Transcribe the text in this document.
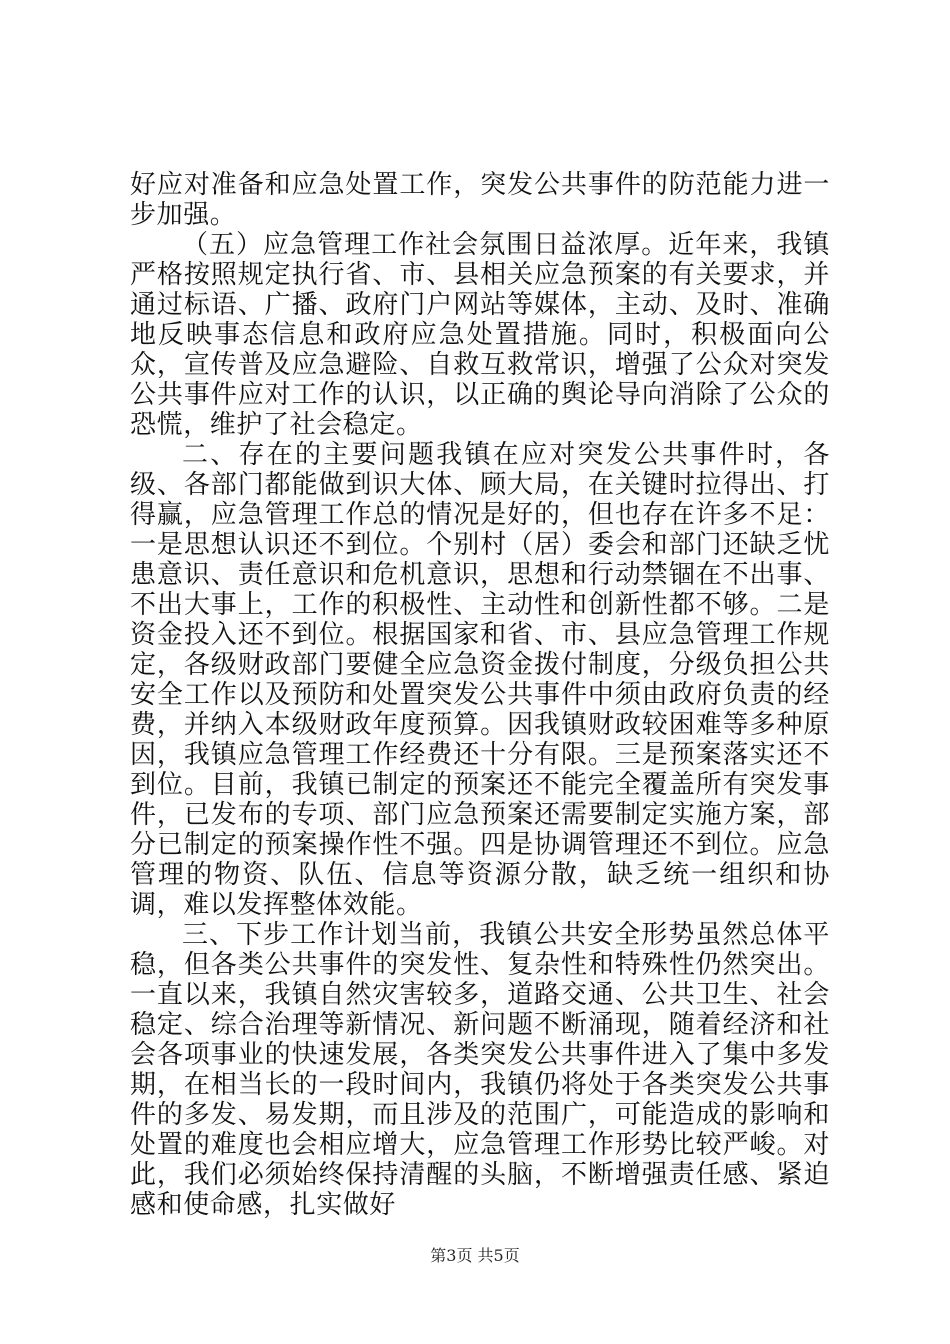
好应对准备和应急处置工作，突发公共事件的防范能力进一步加强。

（五）应急管理工作社会氛围日益浓厚。近年来，我镇严格按照规定执行省、市、县相关应急预案的有关要求，并通过标语、广播、政府门户网站等媒体，主动、及时、准确地反映事态信息和政府应急处置措施。同时，积极面向公众，宣传普及应急避险、自救互救常识，增强了公众对突发公共事件应对工作的认识，以正确的舆论导向消除了公众的恐慌，维护了社会稳定。

二、存在的主要问题我镇在应对突发公共事件时，各级、各部门都能做到识大体、顾大局，在关键时拉得出、打得赢，应急管理工作总的情况是好的，但也存在许多不足：一是思想认识还不到位。个别村（居）委会和部门还缺乏忧患意识、责任意识和危机意识，思想和行动禁锢在不出事、不出大事上，工作的积极性、主动性和创新性都不够。二是资金投入还不到位。根据国家和省、市、县应急管理工作规定，各级财政部门要健全应急资金拨付制度，分级负担公共安全工作以及预防和处置突发公共事件中须由政府负责的经费，并纳入本级财政年度预算。因我镇财政较困难等多种原因，我镇应急管理工作经费还十分有限。三是预案落实还不到位。目前，我镇已制定的预案还不能完全覆盖所有突发事件，已发布的专项、部门应急预案还需要制定实施方案，部分已制定的预案操作性不强。四是协调管理还不到位。应急管理的物资、队伍、信息等资源分散，缺乏统一组织和协调，难以发挥整体效能。

三、下步工作计划当前，我镇公共安全形势虽然总体平稳，但各类公共事件的突发性、复杂性和特殊性仍然突出。一直以来，我镇自然灾害较多，道路交通、公共卫生、社会稳定、综合治理等新情况、新问题不断涌现，随着经济和社会各项事业的快速发展，各类突发公共事件进入了集中多发期，在相当长的一段时间内，我镇仍将处于各类突发公共事件的多发、易发期，而且涉及的范围广，可能造成的影响和处置的难度也会相应增大，应急管理工作形势比较严峻。对此，我们必须始终保持清醒的头脑，不断增强责任感、紧迫感和使命感，扎实做好

第3页 共5页
